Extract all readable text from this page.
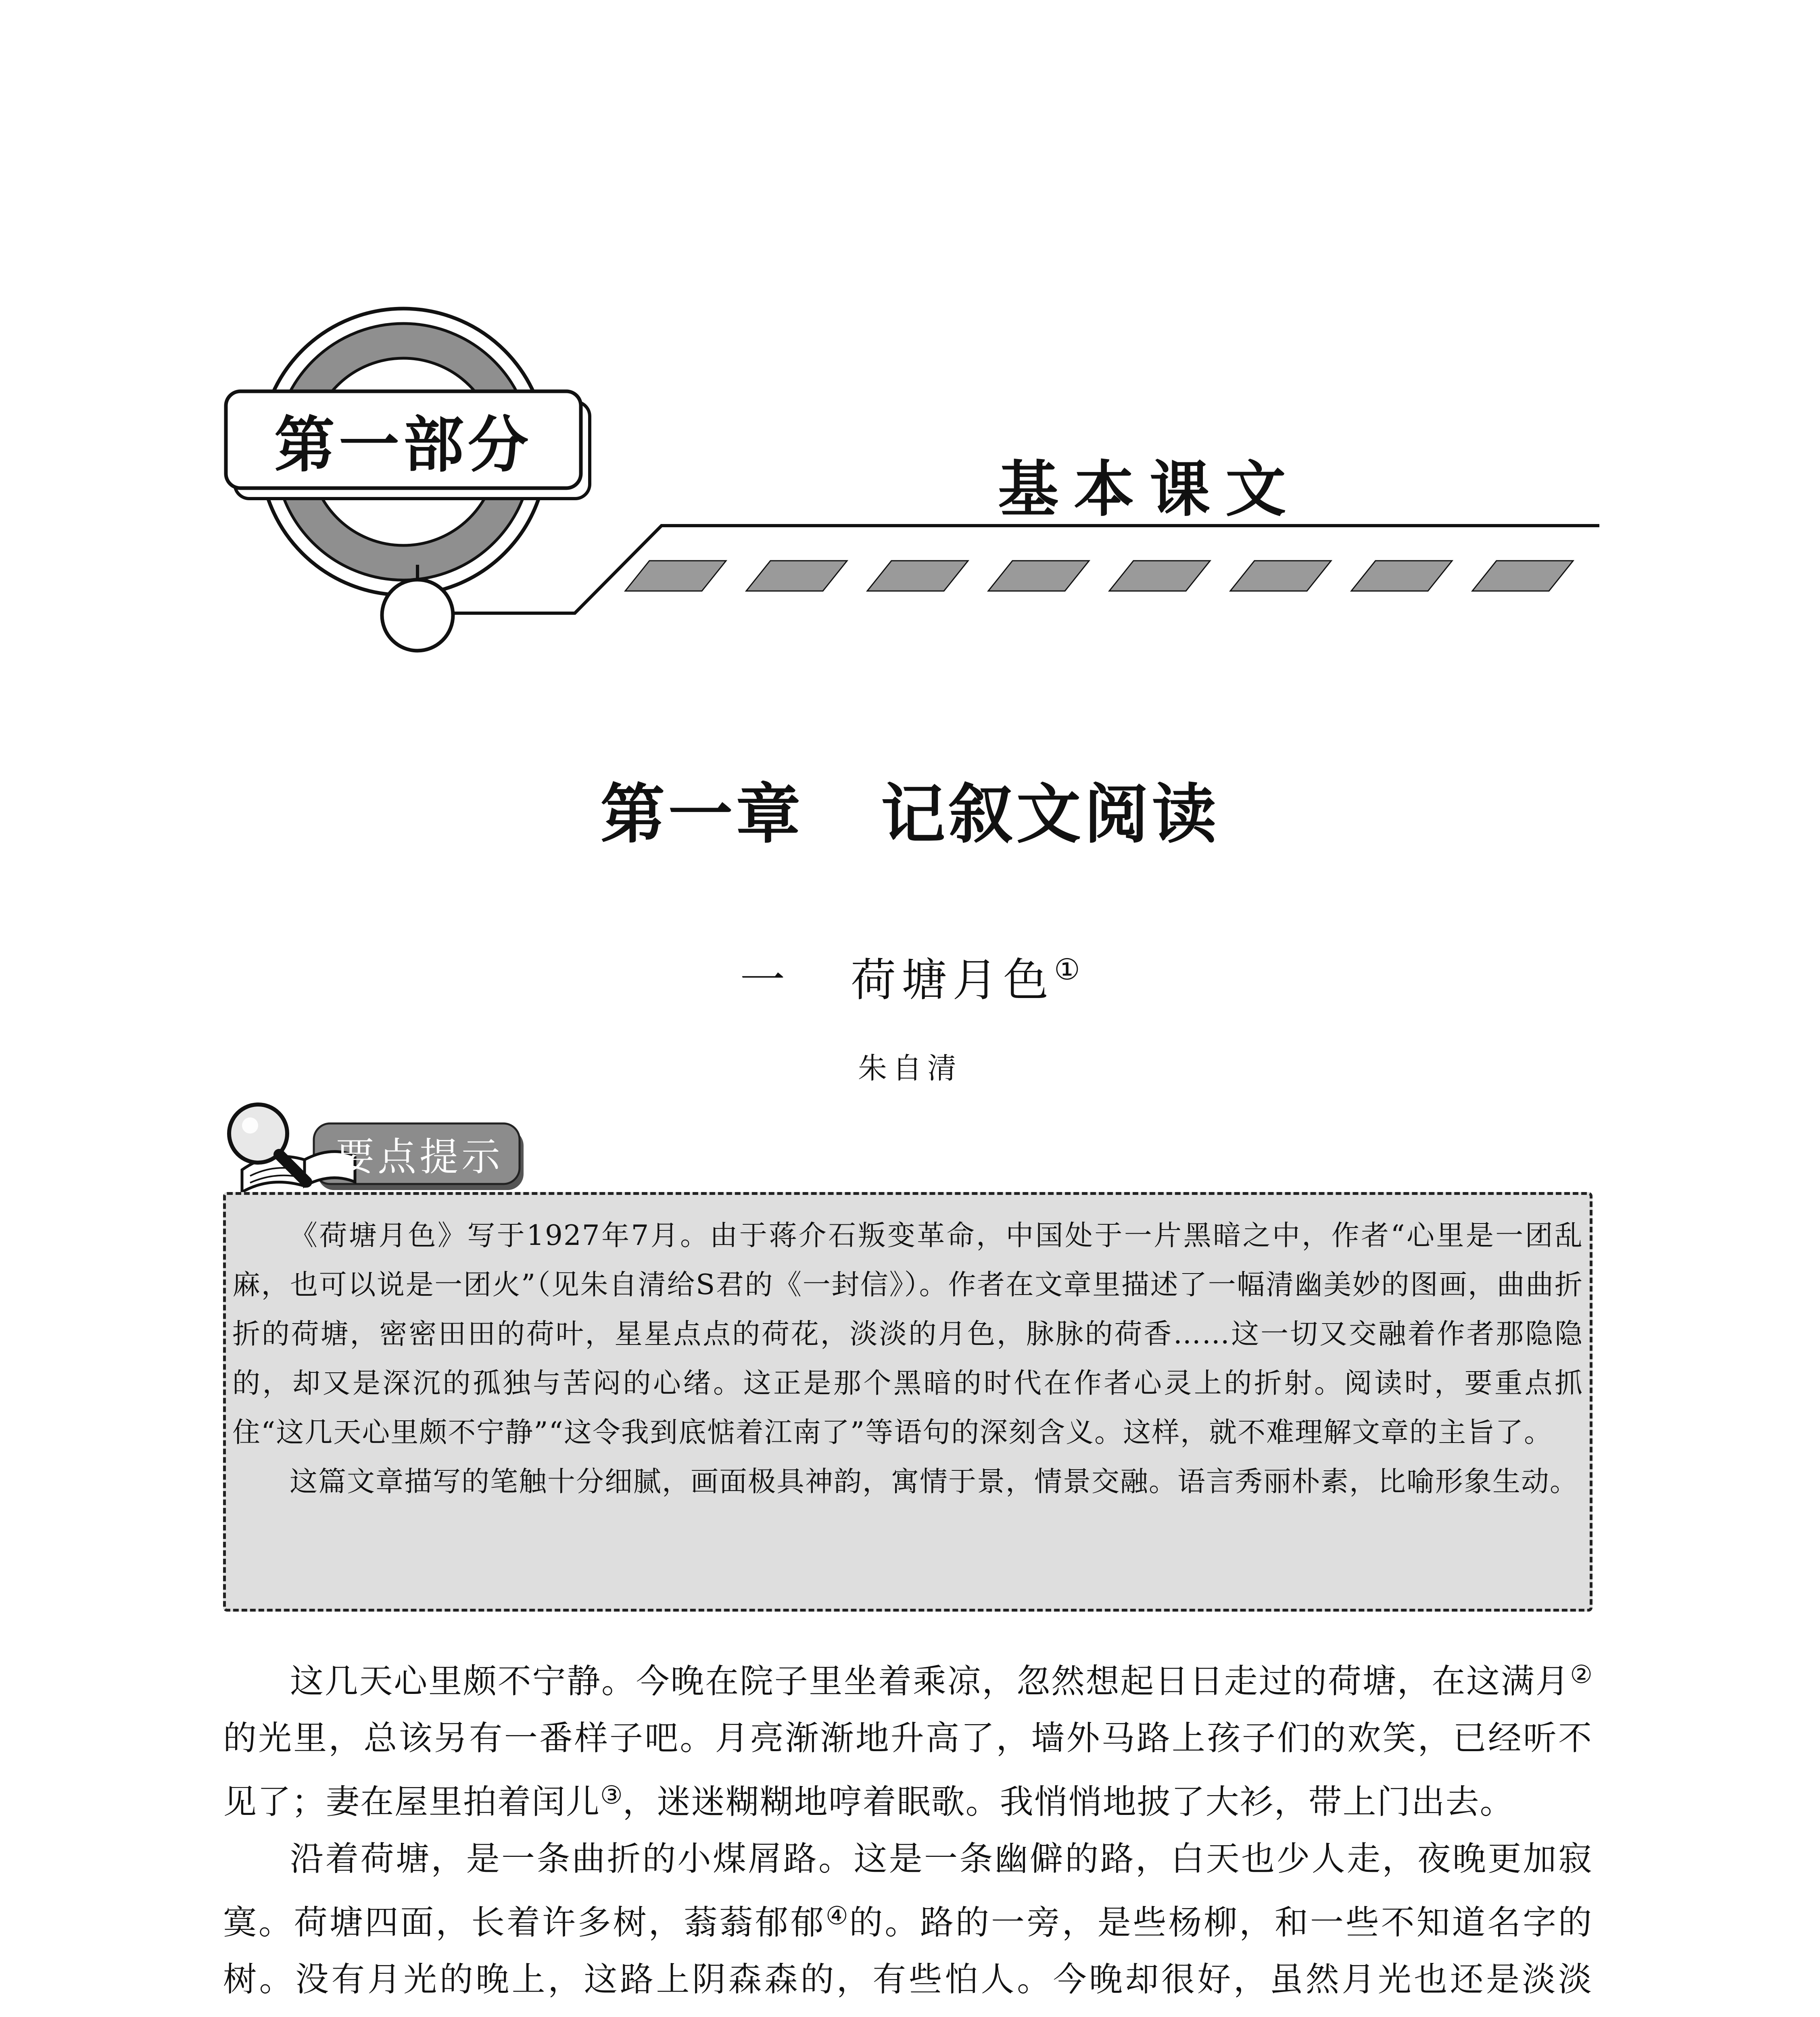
第一部分
基本课文
第一章   记叙文阅读
一   荷塘月色①
朱自清
要点提示

《荷塘月色》写于1927年7月。由于蒋介石叛变革命，中国处于一片黑暗之中，作者“心里是一团乱麻，也可以说是一团火”（见朱自清给S君的《一封信》）。作者在文章里描述了一幅清幽美妙的图画，曲曲折折的荷塘，密密田田的荷叶，星星点点的荷花，淡淡的月色，脉脉的荷香……这一切又交融着作者那隐隐的，却又是深沉的孤独与苦闷的心绪。这正是那个黑暗的时代在作者心灵上的折射。阅读时，要重点抓住“这几天心里颇不宁静”“这令我到底惦着江南了”等语句的深刻含义。这样，就不难理解文章的主旨了。

这篇文章描写的笔触十分细腻，画面极具神韵，寓情于景，情景交融。语言秀丽朴素，比喻形象生动。

这几天心里颇不宁静。今晚在院子里坐着乘凉，忽然想起日日走过的荷塘，在这满月②的光里，总该另有一番样子吧。月亮渐渐地升高了，墙外马路上孩子们的欢笑，已经听不见了；妻在屋里拍着闰儿③，迷迷糊糊地哼着眠歌。我悄悄地披了大衫，带上门出去。

沿着荷塘，是一条曲折的小煤屑路。这是一条幽僻的路，白天也少人走，夜晚更加寂寞。荷塘四面，长着许多树，蓊蓊郁郁④的。路的一旁，是些杨柳，和一些不知道名字的树。没有月光的晚上，这路上阴森森的，有些怕人。今晚却很好，虽然月光也还是淡淡
